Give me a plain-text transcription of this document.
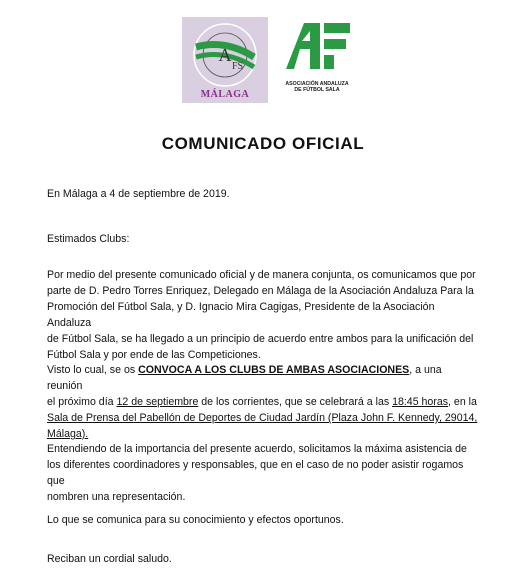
A
FS
MÁLAGA
ASOCIACIÓN ANDALUZA
DE FÚTBOL SALA
COMUNICADO OFICIAL

En Málaga a 4 de septiembre de 2019.

Estimados Clubs:

Por medio del presente comunicado oficial y de manera conjunta, os comunicamos que por
parte de D. Pedro Torres Enriquez, Delegado en Málaga de la Asociación Andaluza Para la
Promoción del Fútbol Sala, y D. Ignacio Mira Cagigas, Presidente de la Asociación Andaluza
de Fútbol Sala, se ha llegado a un principio de acuerdo entre ambos para la unificación del
Fútbol Sala y por ende de las Competiciones.
Visto lo cual, se os CONVOCA A LOS CLUBS DE AMBAS ASOCIACIONES, a una reunión
el próximo día 12 de septiembre de los corrientes, que se celebrará a las 18:45 horas, en la
Sala de Prensa del Pabellón de Deportes de Ciudad Jardín (Plaza John F. Kennedy, 29014,
Málaga).
Entendiendo de la importancia del presente acuerdo, solicitamos la máxima asistencia de
los diferentes coordinadores y responsables, que en el caso de no poder asistir rogamos que
nombren una representación.

Lo que se comunica para su conocimiento y efectos oportunos.

Reciban un cordial saludo.
